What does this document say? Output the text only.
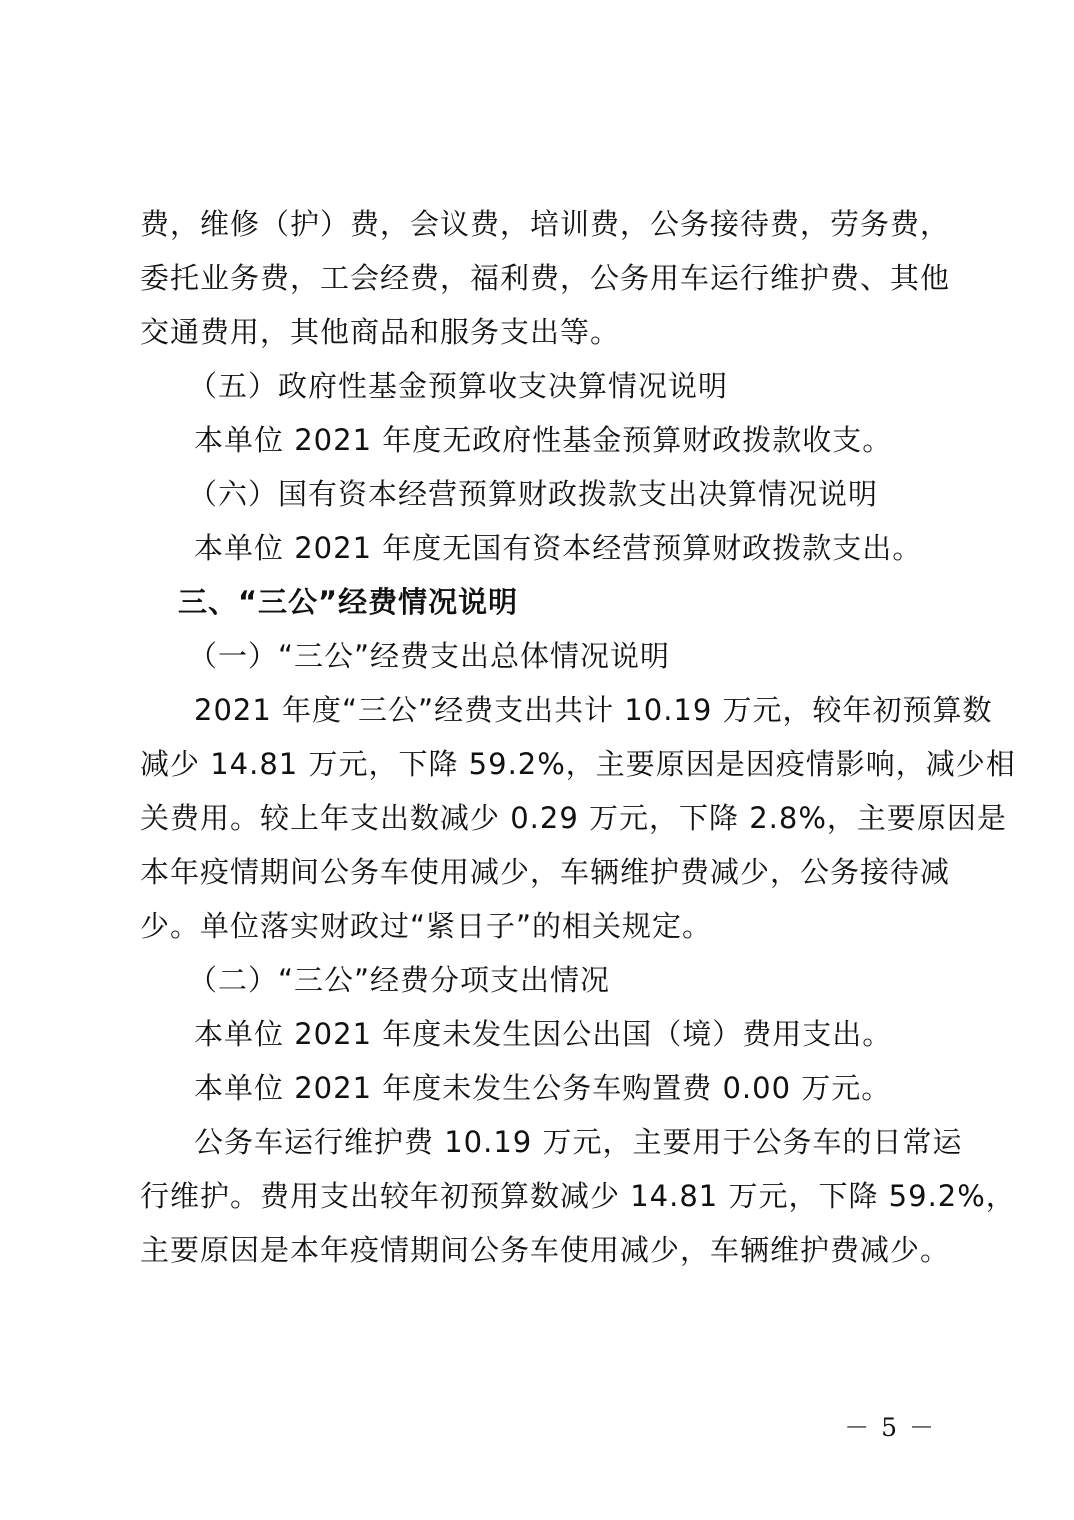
费，维修（护）费，会议费，培训费，公务接待费，劳务费，
委托业务费，工会经费，福利费，公务用车运行维护费、其他
交通费用，其他商品和服务支出等。
（五）政府性基金预算收支决算情况说明
本单位 2021 年度无政府性基金预算财政拨款收支。
（六）国有资本经营预算财政拨款支出决算情况说明
本单位 2021 年度无国有资本经营预算财政拨款支出。
三、“三公”经费情况说明
（一）“三公”经费支出总体情况说明
2021 年度“三公”经费支出共计 10.19 万元，较年初预算数
减少 14.81 万元，下降 59.2%，主要原因是因疫情影响，减少相
关费用。较上年支出数减少 0.29 万元，下降 2.8%，主要原因是
本年疫情期间公务车使用减少，车辆维护费减少，公务接待减
少。单位落实财政过“紧日子”的相关规定。
（二）“三公”经费分项支出情况
本单位 2021 年度未发生因公出国（境）费用支出。
本单位 2021 年度未发生公务车购置费 0.00 万元。
公务车运行维护费 10.19 万元，主要用于公务车的日常运
行维护。费用支出较年初预算数减少 14.81 万元，下降 59.2%，
主要原因是本年疫情期间公务车使用减少，车辆维护费减少。
－ 5 －
